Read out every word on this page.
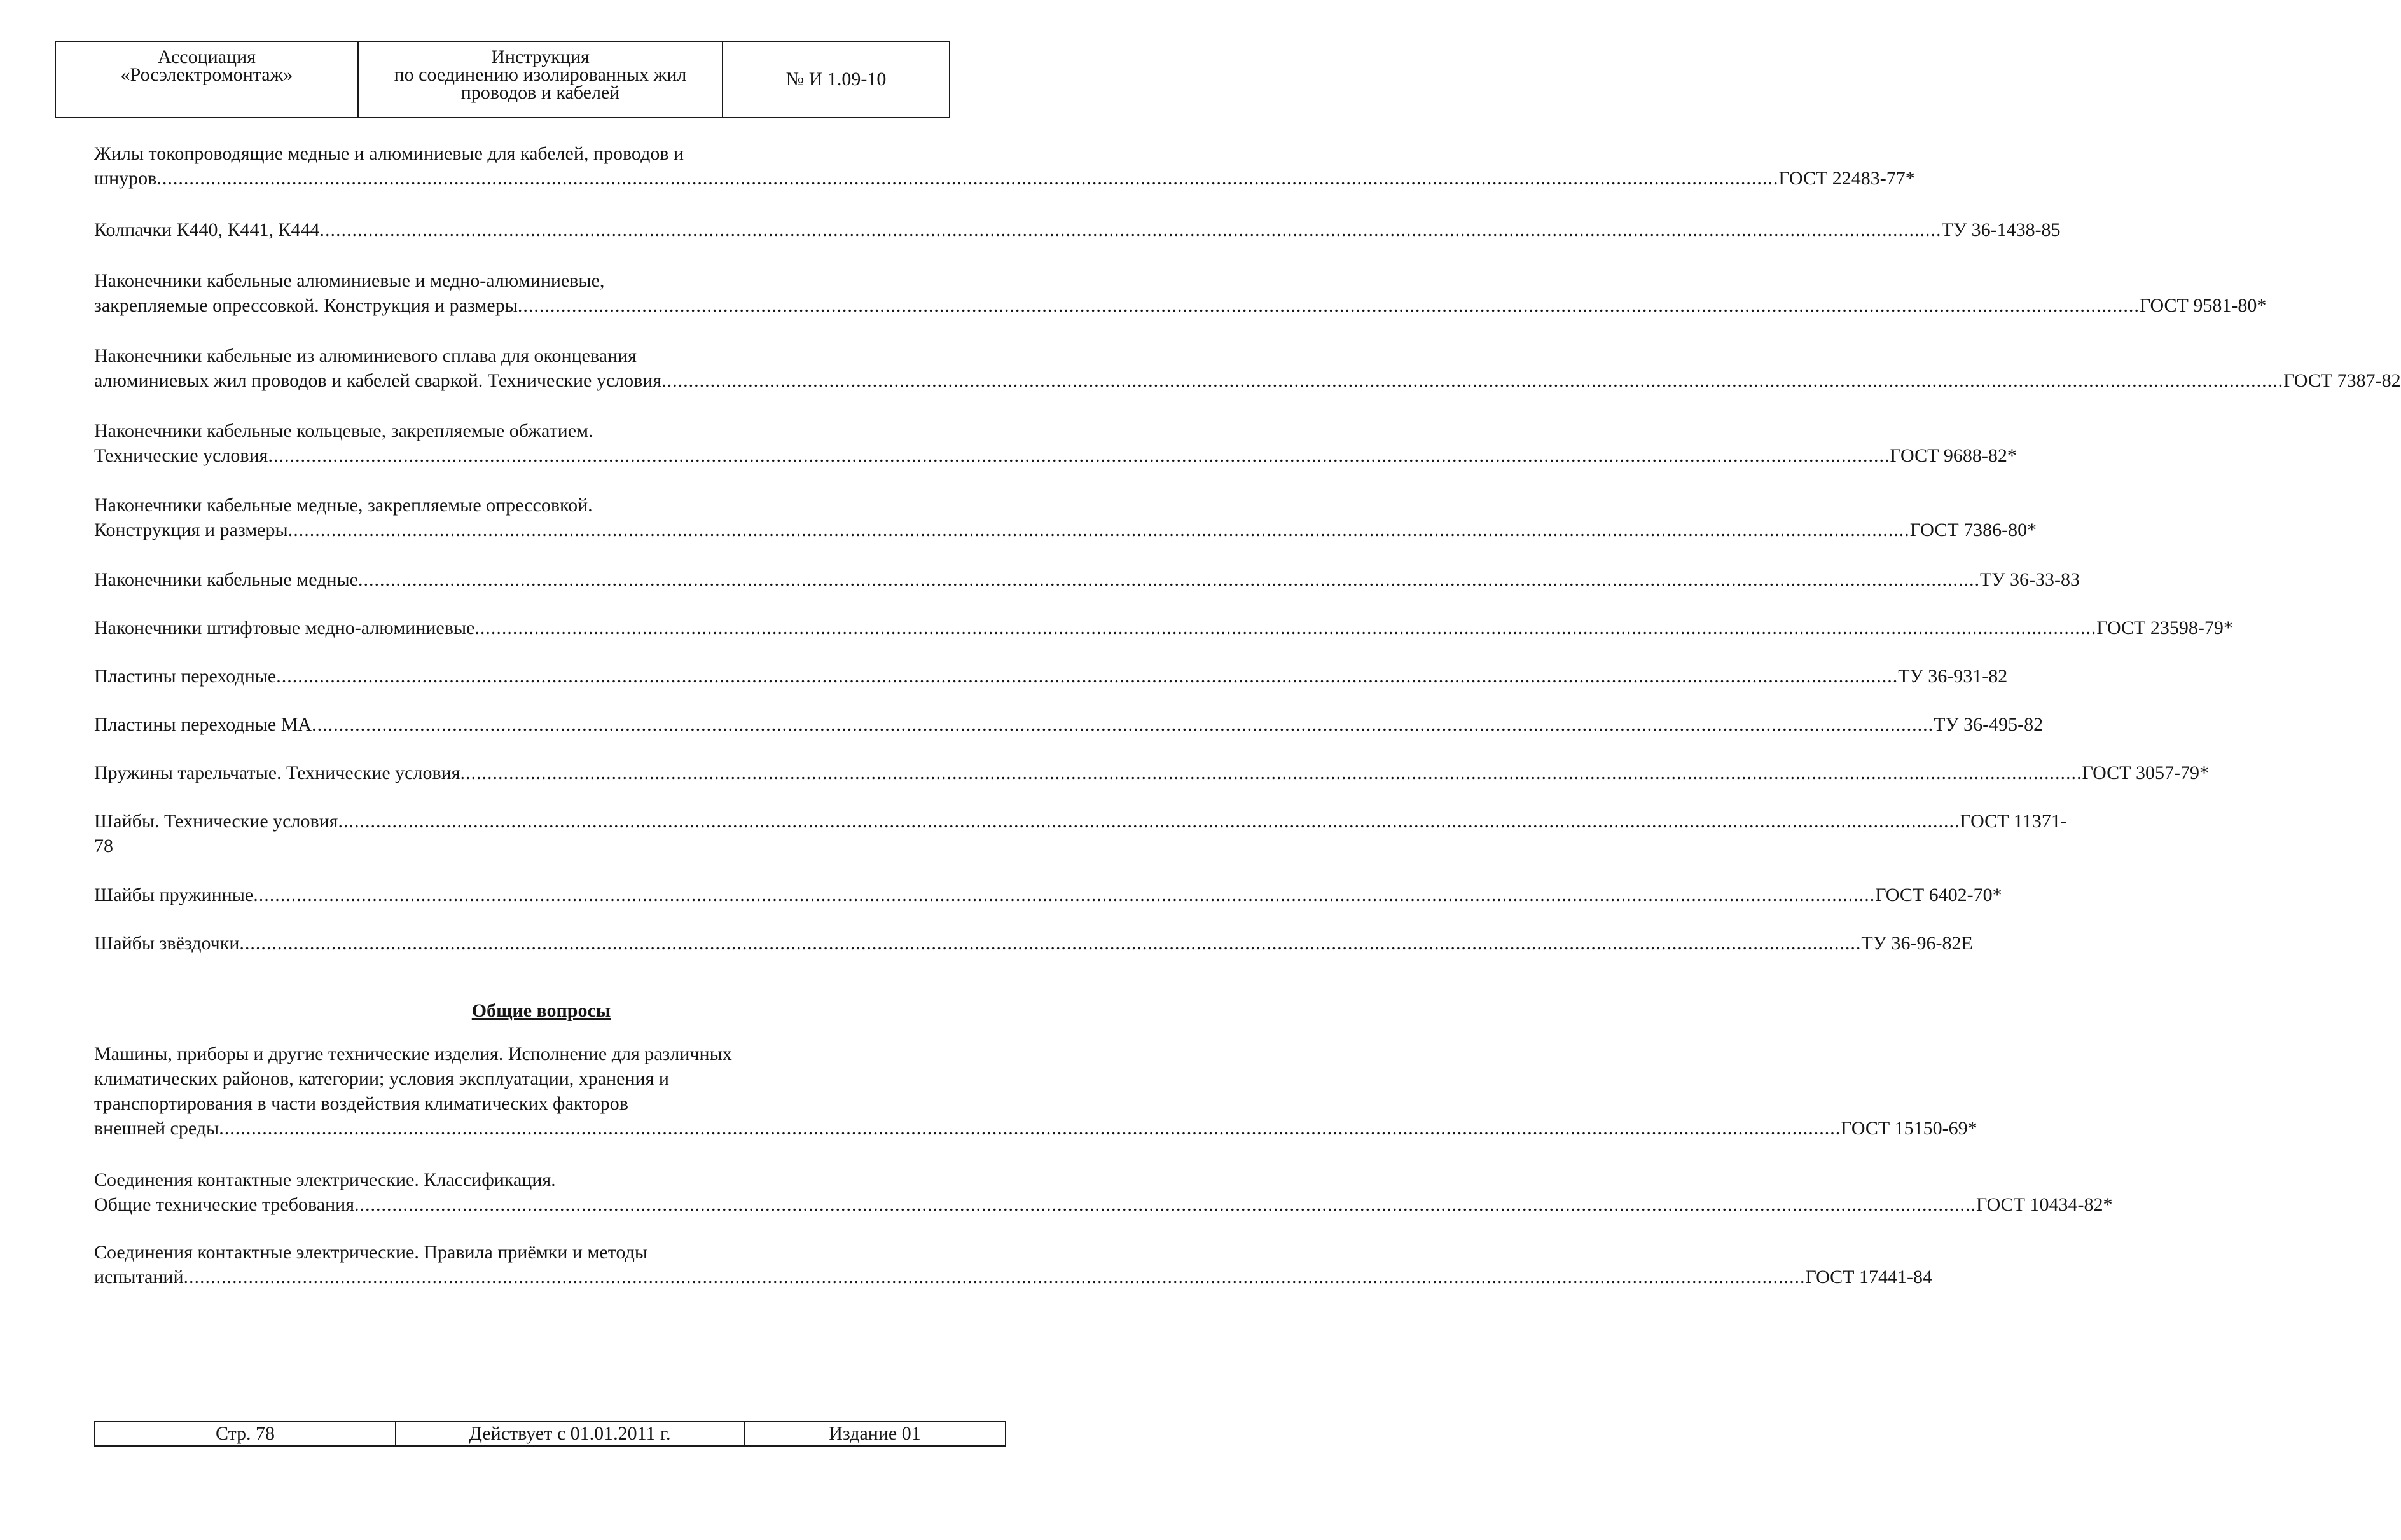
Ассоциация
«Росэлектромонтаж»
Инструкция
по соединению изолированных жил
проводов и кабелей
№ И 1.09-10
Жилы токопроводящие медные и алюминиевые для кабелей, проводов и
шнуров ............................................................................................................................................................................................................................................................................................................ ГОСТ 22483-77*
Колпачки К440, К441, К444 ............................................................................................................................................................................................................................................................................................................ ТУ 36-1438-85
Наконечники кабельные алюминиевые и медно-алюминиевые,
закрепляемые опрессовкой. Конструкция и размеры ............................................................................................................................................................................................................................................................................................................ ГОСТ 9581-80*
Наконечники кабельные из алюминиевого сплава для оконцевания
алюминиевых жил проводов и кабелей сваркой. Технические условия ............................................................................................................................................................................................................................................................................................................ ГОСТ 7387-82
Наконечники кабельные кольцевые, закрепляемые обжатием.
Технические условия ............................................................................................................................................................................................................................................................................................................ ГОСТ 9688-82*
Наконечники кабельные медные, закрепляемые опрессовкой.
Конструкция и размеры ............................................................................................................................................................................................................................................................................................................ ГОСТ 7386-80*
Наконечники кабельные медные ............................................................................................................................................................................................................................................................................................................ ТУ 36-33-83
Наконечники штифтовые медно-алюминиевые ............................................................................................................................................................................................................................................................................................................ ГОСТ 23598-79*
Пластины переходные ............................................................................................................................................................................................................................................................................................................ ТУ 36-931-82
Пластины переходные МА ............................................................................................................................................................................................................................................................................................................ ТУ 36-495-82
Пружины тарельчатые. Технические условия ............................................................................................................................................................................................................................................................................................................ ГОСТ 3057-79*
Шайбы. Технические условия ............................................................................................................................................................................................................................................................................................................ ГОСТ 11371-
78
Шайбы пружинные ............................................................................................................................................................................................................................................................................................................ ГОСТ 6402-70*
Шайбы звёздочки ............................................................................................................................................................................................................................................................................................................ ТУ 36-96-82Е
Общие вопросы
Машины, приборы и другие технические изделия. Исполнение для различных
климатических районов, категории; условия эксплуатации, хранения и
транспортирования в части воздействия климатических факторов
внешней среды ............................................................................................................................................................................................................................................................................................................ ГОСТ 15150-69*
Соединения контактные электрические. Классификация.
Общие технические требования ............................................................................................................................................................................................................................................................................................................ ГОСТ 10434-82*
Соединения контактные электрические. Правила приёмки и методы
испытаний ............................................................................................................................................................................................................................................................................................................ ГОСТ 17441-84
Стр. 78	Действует с 01.01.2011 г.	Издание 01
